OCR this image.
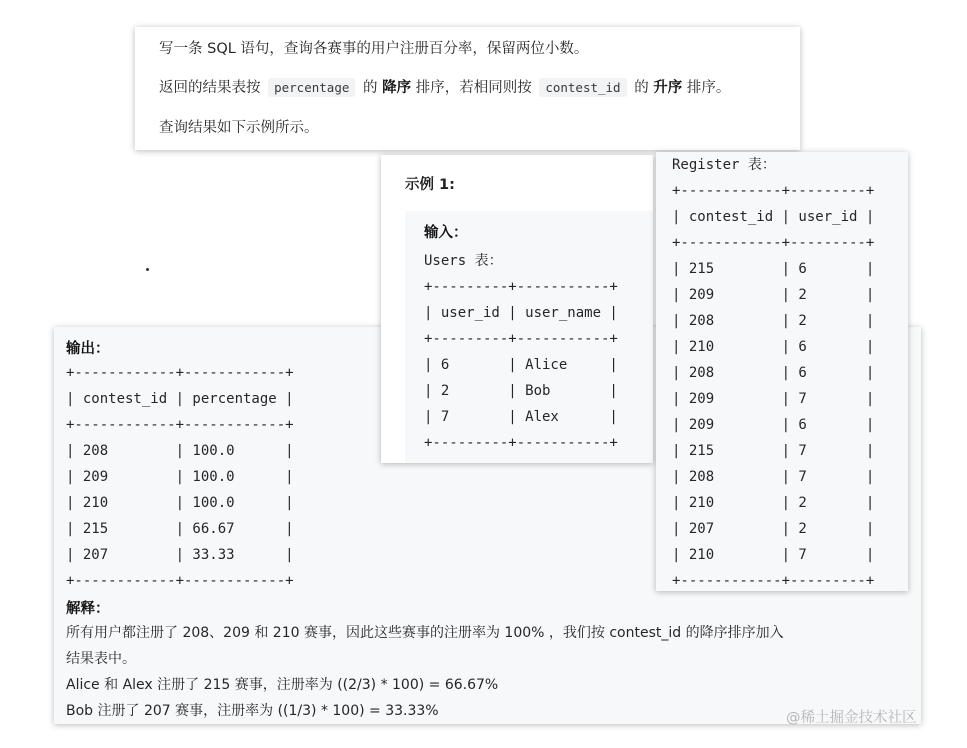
写一条 SQL 语句，查询各赛事的用户注册百分率，保留两位小数。

返回的结果表按 percentage 的 降序 排序，若相同则按 contest_id 的 升序 排序。

查询结果如下示例所示。

输出：
+------------+------------+
| contest_id | percentage |
+------------+------------+
| 208        | 100.0      |
| 209        | 100.0      |
| 210        | 100.0      |
| 215        | 66.67      |
| 207        | 33.33      |
+------------+------------+
解释：
所有用户都注册了 208、209 和 210 赛事，因此这些赛事的注册率为 100% ，我们按 contest_id 的降序排序加入
结果表中。
Alice 和 Alex 注册了 215 赛事，注册率为 ((2/3) * 100) = 66.67%
Bob 注册了 207 赛事，注册率为 ((1/3) * 100) = 33.33%
示例 1:
输入：
Users 表：
+---------+-----------+
| user_id | user_name |
+---------+-----------+
| 6       | Alice     |
| 2       | Bob       |
| 7       | Alex      |
+---------+-----------+
Register 表：
+------------+---------+
| contest_id | user_id |
+------------+---------+
| 215        | 6       |
| 209        | 2       |
| 208        | 2       |
| 210        | 6       |
| 208        | 6       |
| 209        | 7       |
| 209        | 6       |
| 215        | 7       |
| 208        | 7       |
| 210        | 2       |
| 207        | 2       |
| 210        | 7       |
+------------+---------+
@稀土掘金技术社区
